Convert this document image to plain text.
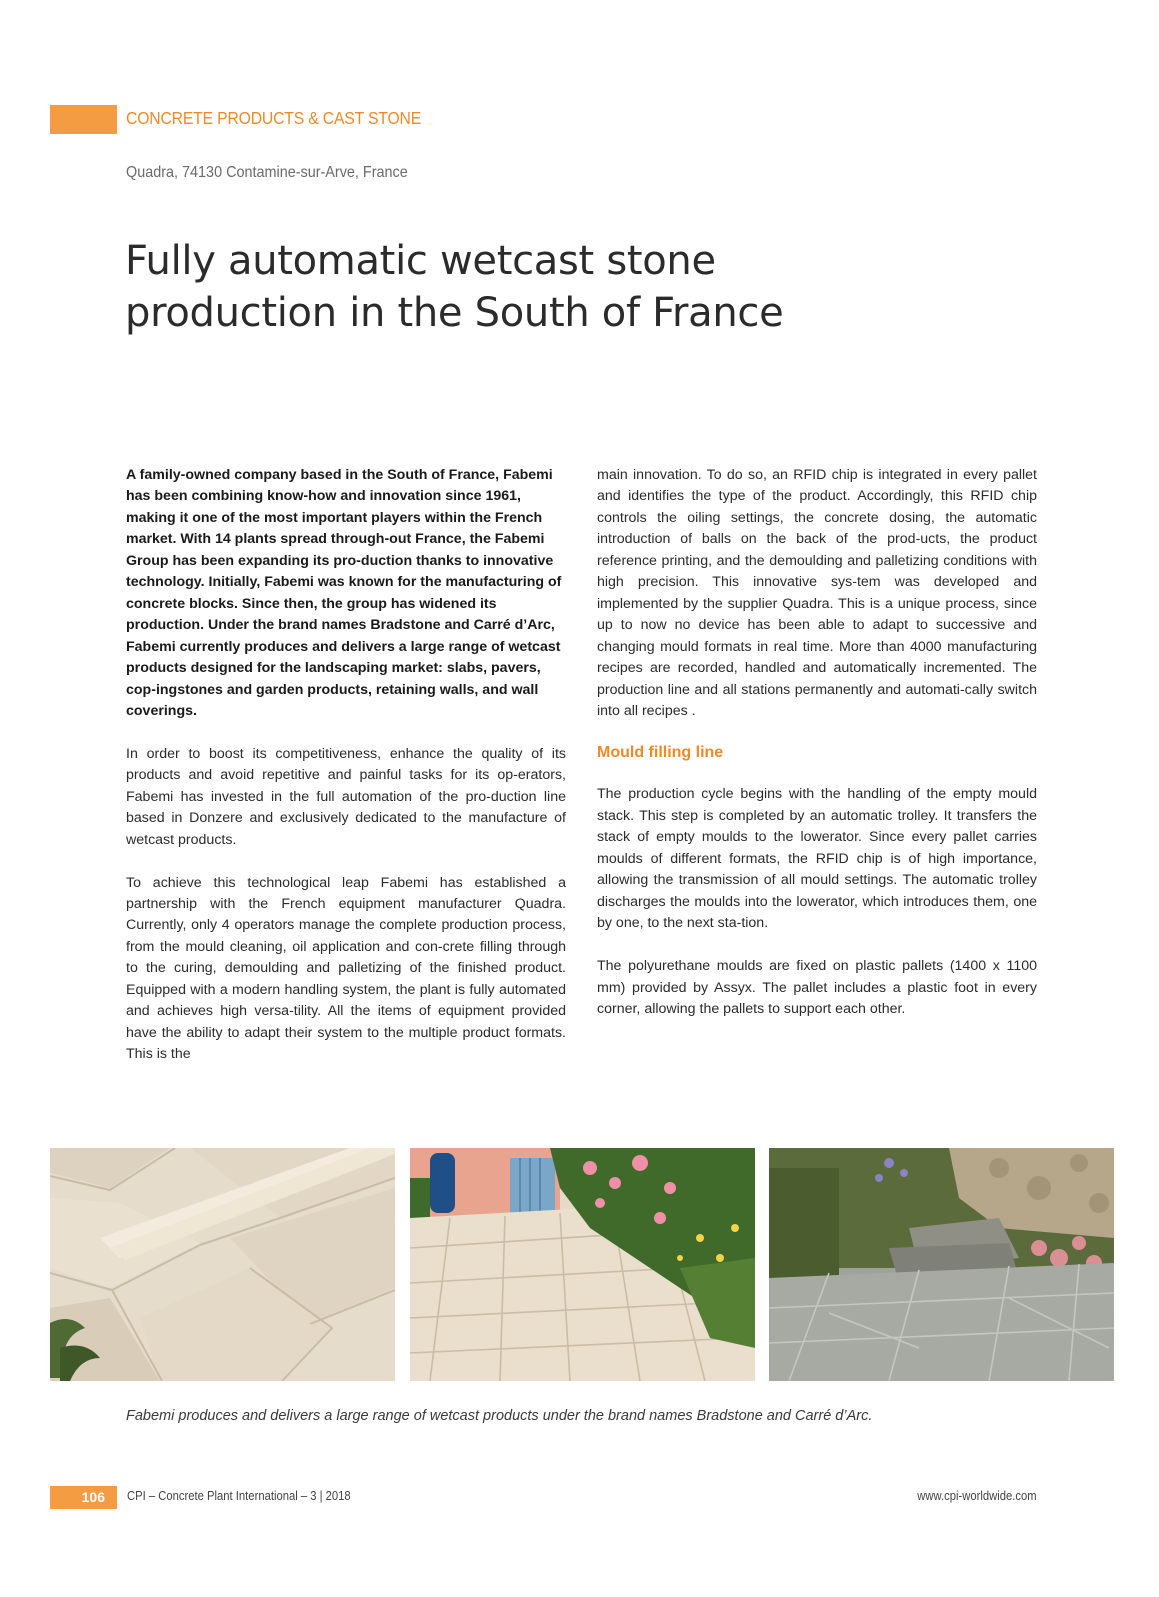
CONCRETE PRODUCTS & CAST STONE
Quadra, 74130 Contamine-sur-Arve, France
Fully automatic wetcast stone
production in the South of France

A family-owned company based in the South of France, Fabemi has been combining know-how and innovation since 1961, making it one of the most important players within the French market. With 14 plants spread through-out France, the Fabemi Group has been expanding its pro-duction thanks to innovative technology. Initially, Fabemi was known for the manufacturing of concrete blocks. Since then, the group has widened its production. Under the brand names Bradstone and Carré d’Arc, Fabemi currently produces and delivers a large range of wetcast products designed for the landscaping market: slabs, pavers, cop-ingstones and garden products, retaining walls, and wall coverings.

In order to boost its competitiveness, enhance the quality of its products and avoid repetitive and painful tasks for its op-erators, Fabemi has invested in the full automation of the pro-duction line based in Donzere and exclusively dedicated to the manufacture of wetcast products.

To achieve this technological leap Fabemi has established a partnership with the French equipment manufacturer Quadra. Currently, only 4 operators manage the complete production process, from the mould cleaning, oil application and con-crete filling through to the curing, demoulding and palletizing of the finished product. Equipped with a modern handling system, the plant is fully automated and achieves high versa-tility. All the items of equipment provided have the ability to adapt their system to the multiple product formats. This is the

main innovation. To do so, an RFID chip is integrated in every pallet and identifies the type of the product. Accordingly, this RFID chip controls the oiling settings, the concrete dosing, the automatic introduction of balls on the back of the prod-ucts, the product reference printing, and the demoulding and palletizing conditions with high precision. This innovative sys-tem was developed and implemented by the supplier Quadra. This is a unique process, since up to now no device has been able to adapt to successive and changing mould formats in real time. More than 4000 manufacturing recipes are recorded, handled and automatically incremented. The production line and all stations permanently and automati-cally switch into all recipes .

Mould filling line

The production cycle begins with the handling of the empty mould stack. This step is completed by an automatic trolley. It transfers the stack of empty moulds to the lowerator. Since every pallet carries moulds of different formats, the RFID chip is of high importance, allowing the transmission of all mould settings. The automatic trolley discharges the moulds into the lowerator, which introduces them, one by one, to the next sta-tion.

The polyurethane moulds are fixed on plastic pallets (1400 x 1100 mm) provided by Assyx. The pallet includes a plastic foot in every corner, allowing the pallets to support each other.

Fabemi produces and delivers a large range of wetcast products under the brand names Bradstone and Carré d’Arc.
106	CPI – Concrete Plant International – 3 | 2018	www.cpi-worldwide.com
